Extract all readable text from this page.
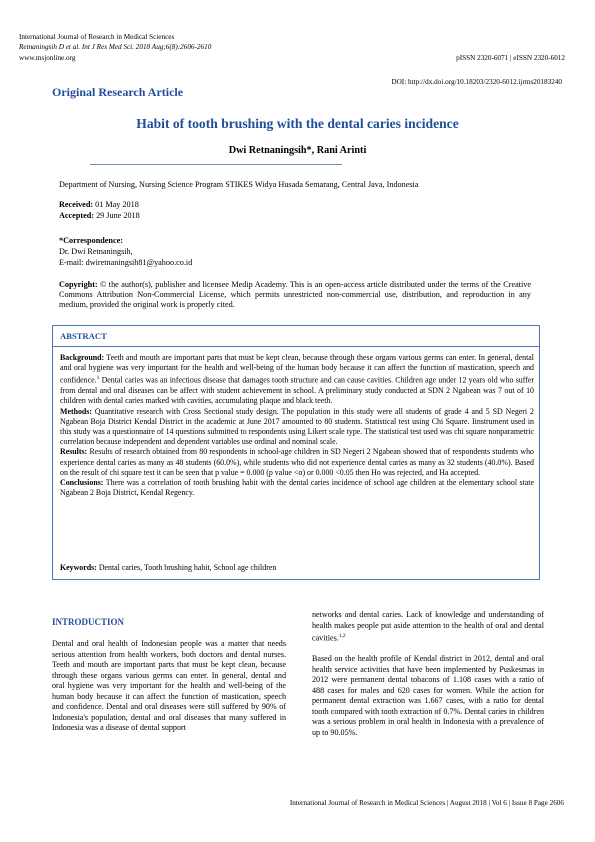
International Journal of Research in Medical Sciences
Retnaningsih D et al. Int J Res Med Sci. 2018 Aug;6(8):2606-2610
www.msjonline.org	pISSN 2320-6071 | eISSN 2320-6012
DOI: http://dx.doi.org/10.18203/2320-6012.ijrms20183240
Original Research Article
Habit of tooth brushing with the dental caries incidence
Dwi Retnaningsih*, Rani Arinti
Department of Nursing, Nursing Science Program STIKES Widya Husada Semarang, Central Java, Indonesia
Received: 01 May 2018
Accepted: 29 June 2018
*Correspondence:
Dr. Dwi Retnaningsih,
E-mail: dwiretnaningsih81@yahoo.co.id
Copyright: © the author(s), publisher and licensee Medip Academy. This is an open-access article distributed under the terms of the Creative Commons Attribution Non-Commercial License, which permits unrestricted non-commercial use, distribution, and reproduction in any medium, provided the original work is properly cited.
ABSTRACT

Background: Teeth and mouth are important parts that must be kept clean, because through these organs various germs can enter. In general, dental and oral hygiene was very important for the health and well-being of the human body because it can affect the function of mastication, speech and confidence.$^1$ Dental caries was an infectious disease that damages tooth structure and can cause cavities. Children age under 12 years old who suffer from dental and oral diseases can be affect with student achievement in school. A preliminary study conducted at SDN 2 Ngabean was 7 out of 10 children with dental caries marked with cavities, accumulating plaque and black teeth.

Methods: Quantitative research with Cross Sectional study design. The population in this study were all students of grade 4 and 5 SD Negeri 2 Ngabean Boja District Kendal District in the academic at June 2017 amounted to 80 students. Statistical test using Chi Square. Iinstrument used in this study was a questionnaire of 14 questions submitted to respondents using Likert scale type. The statistical test used was chi square nonparametric correlation because independent and dependent variables use ordinal and nominal scale.

Results: Results of research obtained from 80 respondents in school-age children in SD Negeri 2 Ngabean showed that of respondents students who experience dental caries as many as 48 students (60.0%), while students who did not experience dental caries as many as 32 students (40.0%). Based on the result of chi square test it can be seen that p value = 0.000 (p value <α) or 0.000 <0.05 then Ho was rejected, and Ha accepted.

Conclusions: There was a correlation of tooth brushing habit with the dental caries incidence of school age children at the elementary school state Ngabean 2 Boja District, Kendal Regency.

Keywords: Dental caries, Tooth brushing habit, School age children
INTRODUCTION

Dental and oral health of Indonesian people was a matter that needs serious attention from health workers, both doctors and dental nurses. Teeth and mouth are important parts that must be kept clean, because through these organs various germs can enter. In general, dental and oral hygiene was very important for the health and well-being of the human body because it can affect the function of mastication, speech and confidence. Dental and oral diseases were still suffered by 90% of Indonesia's population, dental and oral diseases that many suffered in Indonesia was a disease of dental support

networks and dental caries. Lack of knowledge and understanding of health makes people put aside attention to the health of oral and dental cavities.$^{1,2}$

Based on the health profile of Kendal district in 2012, dental and oral health service activities that have been implemented by Puskesmas in 2012 were permanent dental tobacons of 1.108 cases with a ratio of 488 cases for males and 620 cases for women. While the action for permanent dental extraction was 1.667 cases, with a ratio for dental tooth compared with tooth extraction of 0.7%. Dental caries in children was a serious problem in oral health in Indonesia with a prevalence of up to 90.05%.

International Journal of Research in Medical Sciences | August 2018 | Vol 6 | Issue 8 Page 2606
